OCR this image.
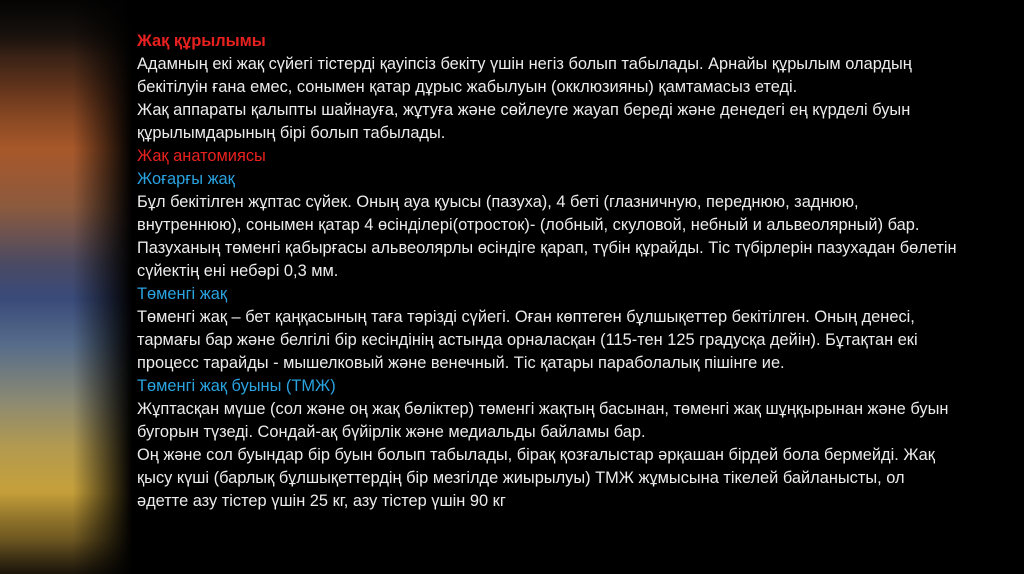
Жақ құрылымы

Адамның екі жақ сүйегі тістерді қауіпсіз бекіту үшін негіз болып табылады. Арнайы құрылым олардың бекітілуін ғана емес, сонымен қатар дұрыс жабылуын (окклюзияны) қамтамасыз етеді.

Жақ аппараты қалыпты шайнауға, жұтуға және сөйлеуге жауап береді және денедегі ең күрделі буын құрылымдарының бірі болып табылады.

Жақ анатомиясы

Жоғарғы жақ

Бұл бекітілген жұптас сүйек. Оның ауа қуысы (пазуха), 4 беті (глазничную, переднюю, заднюю, внутреннюю), сонымен қатар 4 өсінділері(отросток)- (лобный, скуловой, небный и альвеолярный) бар. Пазуханың төменгі қабырғасы альвеолярлы өсіндіге қарап, түбін құрайды. Тіс түбірлерін пазухадан бөлетін сүйектің ені небәрі 0,3 мм.

Төменгі жақ

Төменгі жақ – бет қаңқасының тағa тәрізді сүйегі. Оған көптеген бұлшықеттер бекітілген. Оның денесі, тармағы бар және белгілі бір кесіндінің астында орналасқан (115-тен 125 градусқа дейін). Бұтақтан екі процесс тарайды - мышелковый және венечный. Тіс қатары параболалық пішінге ие.

Төменгі жақ буыны (ТМЖ)

Жұптасқан мүше (сол және оң жақ бөліктер) төменгі жақтың басынан, төменгі жақ шұңқырынан және буын бугорын түзеді. Сондай-ақ бүйірлік және медиальды байламы бар.

Оң және сол буындар бір буын болып табылады, бірақ қозғалыстар әрқашан бірдей бола бермейді. Жақ қысу күші (барлық бұлшықеттердің бір мезгілде жиырылуы) ТМЖ жұмысына тікелей байланысты, ол әдетте азу тістер үшін 25 кг, азу тістер үшін 90 кг
